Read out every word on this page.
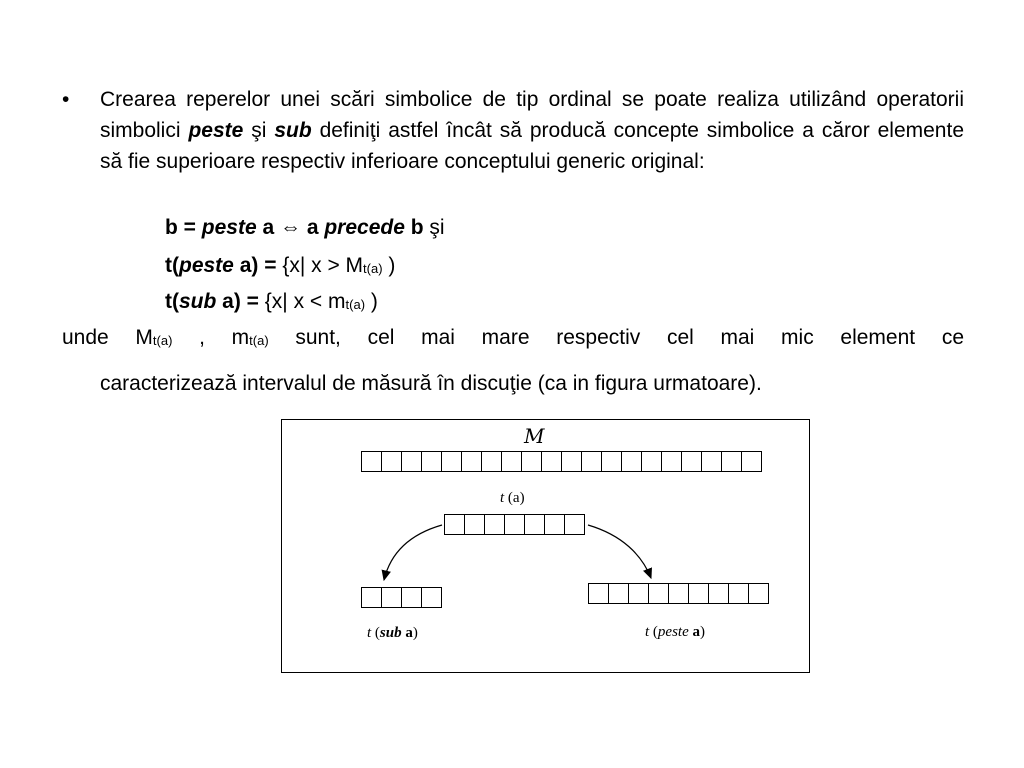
• Crearea reperelor unei scări simbolice de tip ordinal se poate realiza utilizând operatorii simbolici peste şi sub definiţi astfel încât să producă concepte simbolice a căror elemente să fie superioare respectiv inferioare conceptului generic original:

b = peste a ⇔ a precede b şi
t(peste a) = {x| $x > M_{t(a)}$ )
t(sub a) = {x| $x < m_{t(a)}$ )
unde $M_{t(a)}$ , $m_{t(a)}$ sunt, cel mai mare respectiv cel mai mic element ce
caracterizează intervalul de măsură în discuţie (ca in figura urmatoare).
M
t (a)
t (sub a)	t (peste a)
